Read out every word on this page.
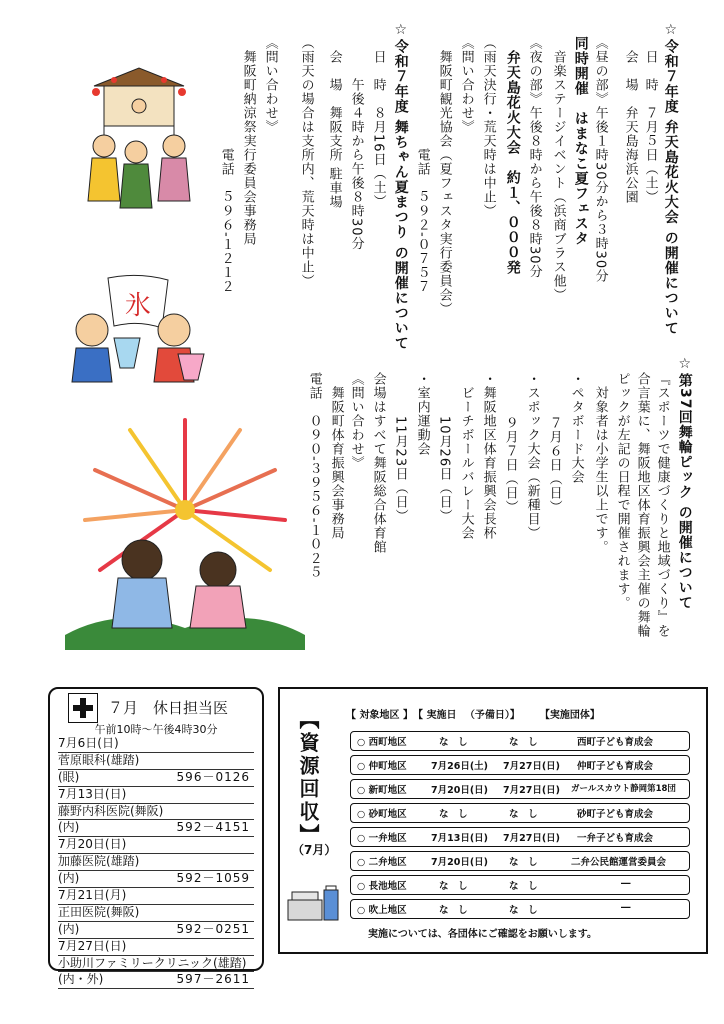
☆令和７年度 弁天島花火大会 の開催について
日　時　７月５日（土）
会　場　弁天島海浜公園
《昼の部》午後１時30分から３時30分
同時開催　はまなこ夏フェスタ
音楽ステージイベント（浜商ブラス他）
《夜の部》午後８時から午後８時30分
弁天島花火大会　約１、０００発
（雨天決行・荒天時は中止）
《問い合わせ》
舞阪町観光協会（夏フェスタ実行委員会）
電話　５９２‐０７５７
☆令和７年度 舞ちゃん夏まつり の開催について
日　時　８月16日（土）
午後４時から午後８時30分
会　場　舞阪支所 駐車場
（雨天の場合は支所内、荒天時は中止）
《問い合わせ》
舞阪町納涼祭実行委員会事務局
電話　５９６‐１２１２
☆第37回舞輪ピック の開催について
『スポーツで健康づくりと地域づくり』を
合言葉に、舞阪地区体育振興会主催の舞輪
ピックが左記の日程で開催されます。
対象者は小学生以上です。
・ペタボード大会
７月６日（日）
・スポック大会（新種目）
９月７日（日）
・舞阪地区体育振興会長杯
ビーチボールバレー大会
10月26日（日）
・室内運動会
11月23日（日）
会場はすべて舞阪総合体育館
《問い合わせ》
舞阪町体育振興会事務局
電話　０９０‐３９５６‐１０２５
氷
７月　休日担当医
午前10時～午後4時30分
7月6日(日)
菅原眼科(雄踏)
(眼)	596－0126
7月13日(日)
藤野内科医院(舞阪)
(内)	592－4151
7月20日(日)
加藤医院(雄踏)
(内)	592－1059
7月21日(月)
正田医院(舞阪)
(内)	592－0251
7月27日(日)
小助川ファミリークリニック(雄踏)
(内・外)	597－2611
【資源回収】
（7月）
【 対象地区 】　【 実施日 　（予備日）】　　　【実施団体】
○ 西町地区	な　し	な　し	西町子ども育成会
○ 仲町地区	7月26日(土) 7月27日(日) 仲町子ども育成会
○ 新町地区	7月20日(日) 7月27日(日) ガールスカウト静岡第18団
○ 砂町地区	な　し	な　し	砂町子ども育成会
○ 一弁地区	7月13日(日) 7月27日(日) 一弁子ども育成会
○ 二弁地区	7月20日(日) な　し	二弁公民館運営委員会
○ 長池地区	な　し	な　し	―
○ 吹上地区	な　し	な　し	―
実施については、各団体にご確認をお願いします。
